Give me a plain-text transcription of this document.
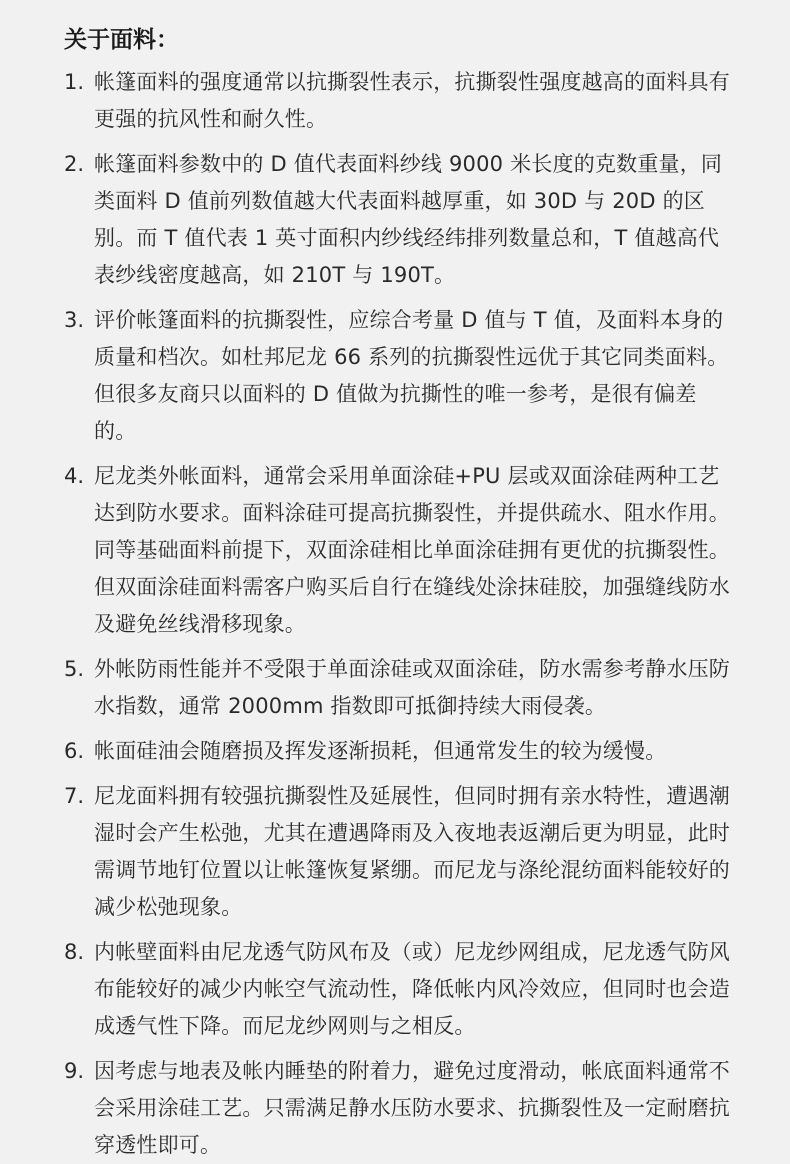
关于面料：
1. 帐篷面料的强度通常以抗撕裂性表示，抗撕裂性强度越高的面料具有更强的抗风性和耐久性。
2. 帐篷面料参数中的 D 值代表面料纱线 9000 米长度的克数重量，同类面料 D 值前列数值越大代表面料越厚重，如 30D 与 20D 的区别。而 T 值代表 1 英寸面积内纱线经纬排列数量总和，T 值越高代表纱线密度越高，如 210T 与 190T。
3. 评价帐篷面料的抗撕裂性，应综合考量 D 值与 T 值，及面料本身的质量和档次。如杜邦尼龙 66 系列的抗撕裂性远优于其它同类面料。但很多友商只以面料的 D 值做为抗撕性的唯一参考，是很有偏差的。
4. 尼龙类外帐面料，通常会采用单面涂硅+PU 层或双面涂硅两种工艺达到防水要求。面料涂硅可提高抗撕裂性，并提供疏水、阻水作用。同等基础面料前提下，双面涂硅相比单面涂硅拥有更优的抗撕裂性。但双面涂硅面料需客户购买后自行在缝线处涂抹硅胶，加强缝线防水及避免丝线滑移现象。
5. 外帐防雨性能并不受限于单面涂硅或双面涂硅，防水需参考静水压防水指数，通常 2000mm 指数即可抵御持续大雨侵袭。
6. 帐面硅油会随磨损及挥发逐渐损耗，但通常发生的较为缓慢。
7. 尼龙面料拥有较强抗撕裂性及延展性，但同时拥有亲水特性，遭遇潮湿时会产生松弛，尤其在遭遇降雨及入夜地表返潮后更为明显，此时需调节地钉位置以让帐篷恢复紧绷。而尼龙与涤纶混纺面料能较好的减少松弛现象。
8. 内帐壁面料由尼龙透气防风布及（或）尼龙纱网组成，尼龙透气防风布能较好的减少内帐空气流动性，降低帐内风冷效应，但同时也会造成透气性下降。而尼龙纱网则与之相反。
9. 因考虑与地表及帐内睡垫的附着力，避免过度滑动，帐底面料通常不会采用涂硅工艺。只需满足静水压防水要求、抗撕裂性及一定耐磨抗穿透性即可。
